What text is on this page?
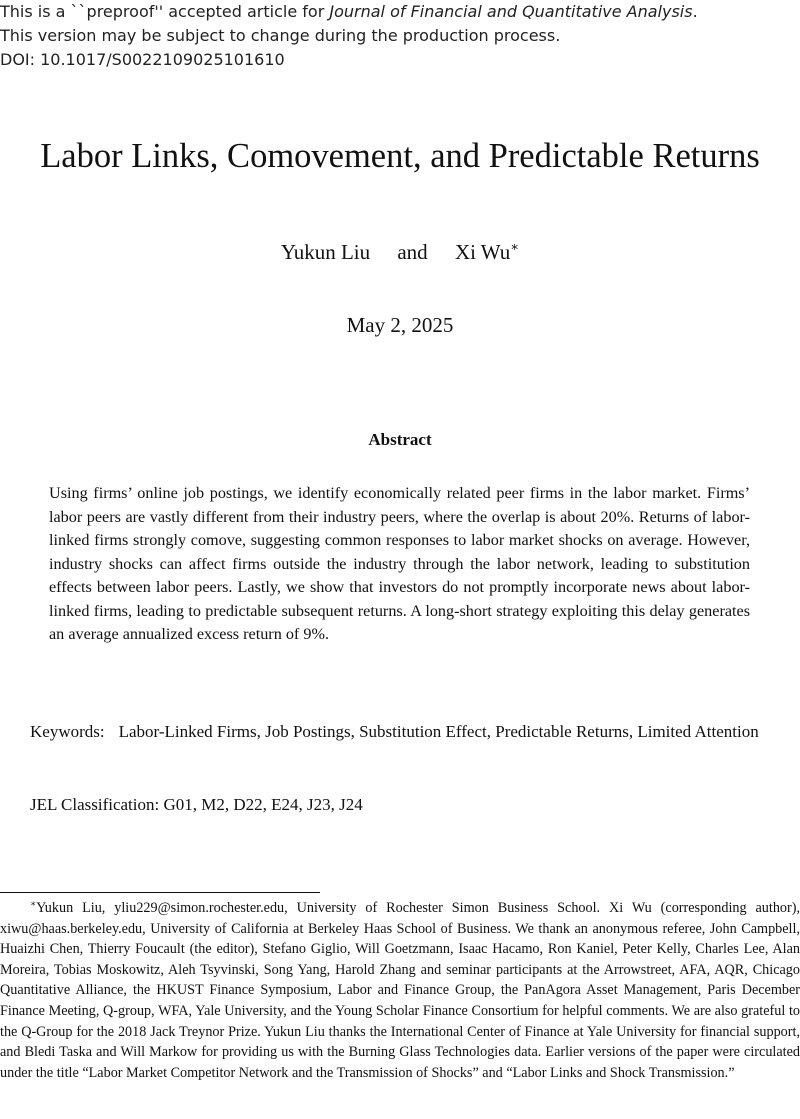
This is a ``preproof'' accepted article for Journal of Financial and Quantitative Analysis.
This version may be subject to change during the production process.
DOI: 10.1017/S0022109025101610
Labor Links, Comovement, and Predictable Returns
Yukun Liu and Xi Wu∗
May 2, 2025
Abstract
Using firms’ online job postings, we identify economically related peer firms in the labor market. Firms’ labor peers are vastly different from their industry peers, where the overlap is about 20%. Returns of labor-linked firms strongly comove, suggesting common responses to labor market shocks on average. However, industry shocks can affect firms outside the industry through the labor network, leading to substitution effects between labor peers. Lastly, we show that investors do not promptly incorporate news about labor-linked firms, leading to predictable subsequent returns. A long-short strategy exploiting this delay generates an average annualized excess return of 9%.
Keywords: Labor-Linked Firms, Job Postings, Substitution Effect, Predictable Returns, Limited Attention
JEL Classification: G01, M2, D22, E24, J23, J24
∗Yukun Liu, yliu229@simon.rochester.edu, University of Rochester Simon Business School. Xi Wu (corresponding author), xiwu@haas.berkeley.edu, University of California at Berkeley Haas School of Business. We thank an anonymous referee, John Campbell, Huaizhi Chen, Thierry Foucault (the editor), Stefano Giglio, Will Goetzmann, Isaac Hacamo, Ron Kaniel, Peter Kelly, Charles Lee, Alan Moreira, Tobias Moskowitz, Aleh Tsyvinski, Song Yang, Harold Zhang and seminar participants at the Arrowstreet, AFA, AQR, Chicago Quantitative Alliance, the HKUST Finance Symposium, Labor and Finance Group, the PanAgora Asset Management, Paris December Finance Meeting, Q-group, WFA, Yale University, and the Young Scholar Finance Consortium for helpful comments. We are also grateful to the Q-Group for the 2018 Jack Treynor Prize. Yukun Liu thanks the International Center of Finance at Yale University for financial support, and Bledi Taska and Will Markow for providing us with the Burning Glass Technologies data. Earlier versions of the paper were circulated under the title “Labor Market Competitor Network and the Transmission of Shocks” and “Labor Links and Shock Transmission.”
